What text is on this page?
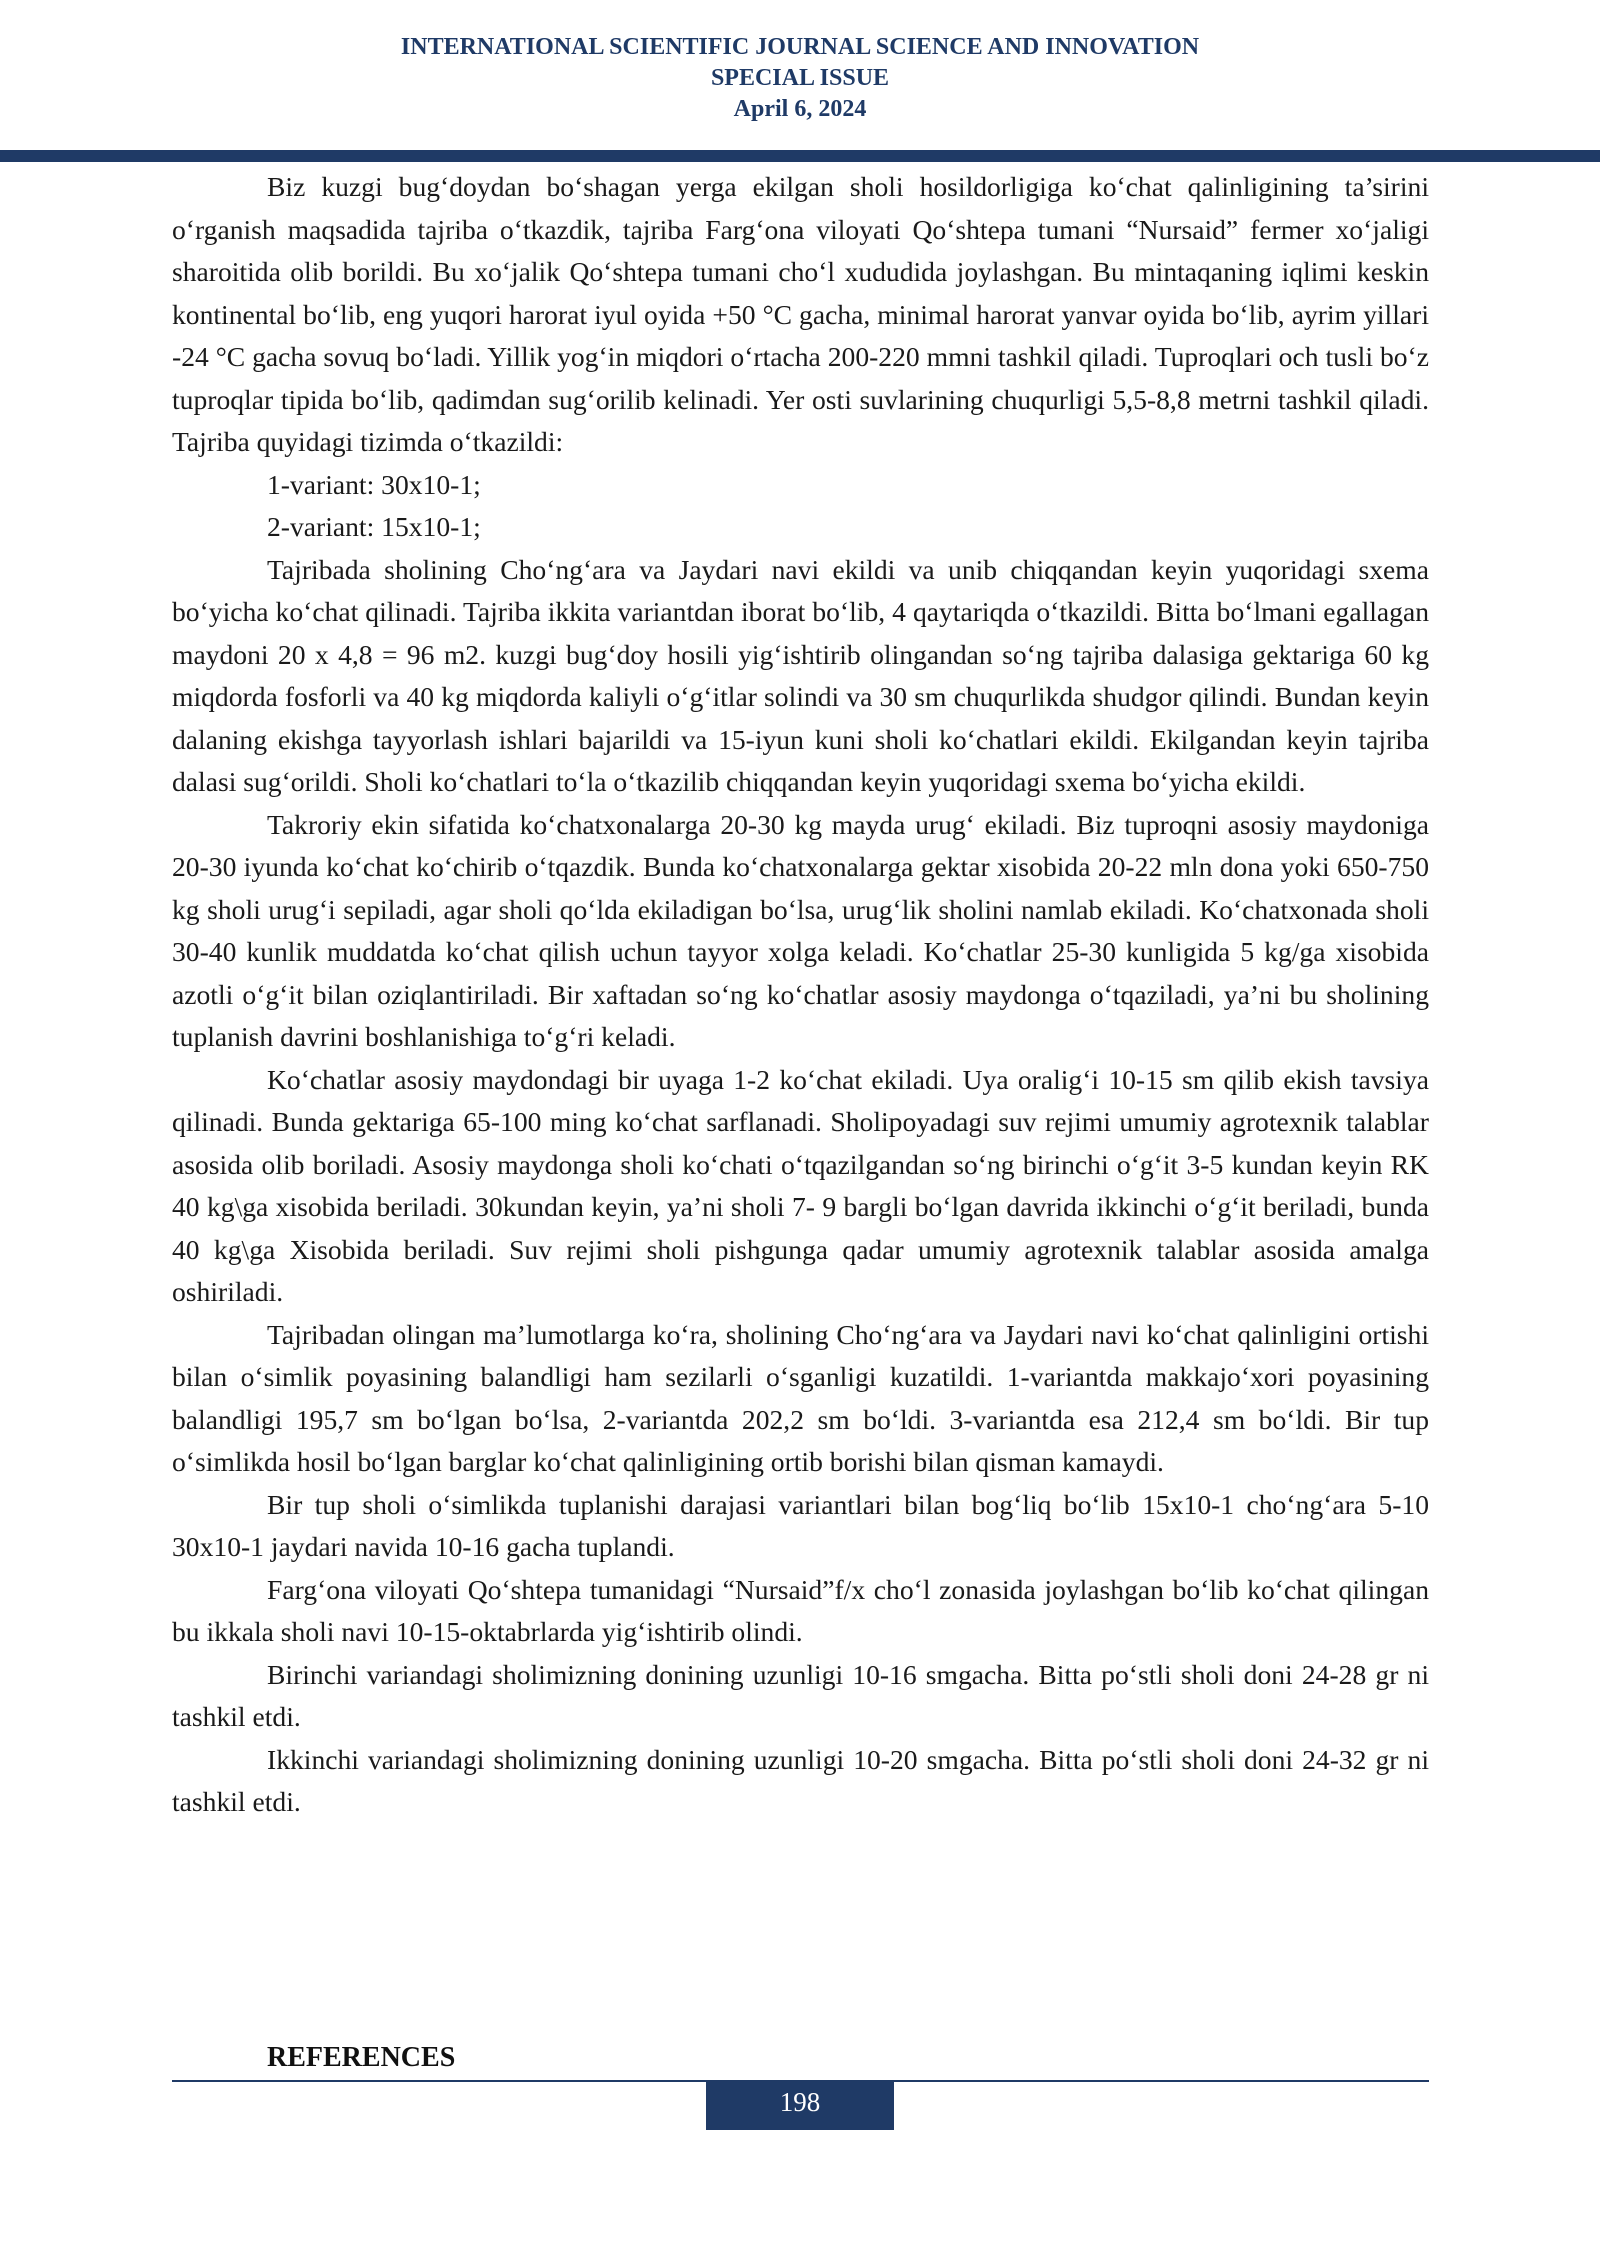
INTERNATIONAL SCIENTIFIC JOURNAL SCIENCE AND INNOVATION
SPECIAL ISSUE
April 6, 2024

Biz kuzgi bug‘doydan bo‘shagan yerga ekilgan sholi hosildorligiga ko‘chat qalinligining ta’sirini o‘rganish maqsadida tajriba o‘tkazdik, tajriba Farg‘ona viloyati Qo‘shtepa tumani “Nursaid” fermer xo‘jaligi sharoitida olib borildi. Bu xo‘jalik Qo‘shtepa tumani cho‘l xududida joylashgan. Bu mintaqaning iqlimi keskin kontinental bo‘lib, eng yuqori harorat iyul oyida +50 °C gacha, minimal harorat yanvar oyida bo‘lib, ayrim yillari -24 °C gacha sovuq bo‘ladi. Yillik yog‘in miqdori o‘rtacha 200-220 mmni tashkil qiladi. Tuproqlari och tusli bo‘z tuproqlar tipida bo‘lib, qadimdan sug‘orilib kelinadi. Yer osti suvlarining chuqurligi 5,5-8,8 metrni tashkil qiladi. Tajriba quyidagi tizimda o‘tkazildi:

1-variant: 30x10-1;

2-variant: 15x10-1;

Tajribada sholining Cho‘ng‘ara va Jaydari navi ekildi va unib chiqqandan keyin yuqoridagi sxema bo‘yicha ko‘chat qilinadi. Tajriba ikkita variantdan iborat bo‘lib, 4 qaytariqda o‘tkazildi. Bitta bo‘lmani egallagan maydoni 20 x 4,8 = 96 m2. kuzgi bug‘doy hosili yig‘ishtirib olingandan so‘ng tajriba dalasiga gektariga 60 kg miqdorda fosforli va 40 kg miqdorda kaliyli o‘g‘itlar solindi va 30 sm chuqurlikda shudgor qilindi. Bundan keyin dalaning ekishga tayyorlash ishlari bajarildi va 15-iyun kuni sholi ko‘chatlari ekildi. Ekilgandan keyin tajriba dalasi sug‘orildi. Sholi ko‘chatlari to‘la o‘tkazilib chiqqandan keyin yuqoridagi sxema bo‘yicha ekildi.

Takroriy ekin sifatida ko‘chatxonalarga 20-30 kg mayda urug‘ ekiladi. Biz tuproqni asosiy maydoniga 20-30 iyunda ko‘chat ko‘chirib o‘tqazdik. Bunda ko‘chatxonalarga gektar xisobida 20-22 mln dona yoki 650-750 kg sholi urug‘i sepiladi, agar sholi qo‘lda ekiladigan bo‘lsa, urug‘lik sholini namlab ekiladi. Ko‘chatxonada sholi 30-40 kunlik muddatda ko‘chat qilish uchun tayyor xolga keladi. Ko‘chatlar 25-30 kunligida 5 kg/ga xisobida azotli o‘g‘it bilan oziqlantiriladi. Bir xaftadan so‘ng ko‘chatlar asosiy maydonga o‘tqaziladi, ya’ni bu sholining tuplanish davrini boshlanishiga to‘g‘ri keladi.

Ko‘chatlar asosiy maydondagi bir uyaga 1-2 ko‘chat ekiladi. Uya oralig‘i 10-15 sm qilib ekish tavsiya qilinadi. Bunda gektariga 65-100 ming ko‘chat sarflanadi. Sholipoyadagi suv rejimi umumiy agrotexnik talablar asosida olib boriladi. Asosiy maydonga sholi ko‘chati o‘tqazilgandan so‘ng birinchi o‘g‘it 3-5 kundan keyin RK 40 kg\ga xisobida beriladi. 30kundan keyin, ya’ni sholi 7- 9 bargli bo‘lgan davrida ikkinchi o‘g‘it beriladi, bunda 40 kg\ga Xisobida beriladi. Suv rejimi sholi pishgunga qadar umumiy agrotexnik talablar asosida amalga oshiriladi.

Tajribadan olingan ma’lumotlarga ko‘ra, sholining Cho‘ng‘ara va Jaydari navi ko‘chat qalinligini ortishi bilan o‘simlik poyasining balandligi ham sezilarli o‘sganligi kuzatildi. 1-variantda makkajo‘xori poyasining balandligi 195,7 sm bo‘lgan bo‘lsa, 2-variantda 202,2 sm bo‘ldi. 3-variantda esa 212,4 sm bo‘ldi. Bir tup o‘simlikda hosil bo‘lgan barglar ko‘chat qalinligining ortib borishi bilan qisman kamaydi.

Bir tup sholi o‘simlikda tuplanishi darajasi variantlari bilan bog‘liq bo‘lib 15x10-1 cho‘ng‘ara 5-10 30x10-1 jaydari navida 10-16 gacha tuplandi.

Farg‘ona viloyati Qo‘shtepa tumanidagi “Nursaid”f/x cho‘l zonasida joylashgan bo‘lib ko‘chat qilingan bu ikkala sholi navi 10-15-oktabrlarda yig‘ishtirib olindi.

Birinchi variandagi sholimizning donining uzunligi 10-16 smgacha. Bitta po‘stli sholi doni 24-28 gr ni tashkil etdi.

Ikkinchi variandagi sholimizning donining uzunligi 10-20 smgacha. Bitta po‘stli sholi doni 24-32 gr ni tashkil etdi.

REFERENCES
198
